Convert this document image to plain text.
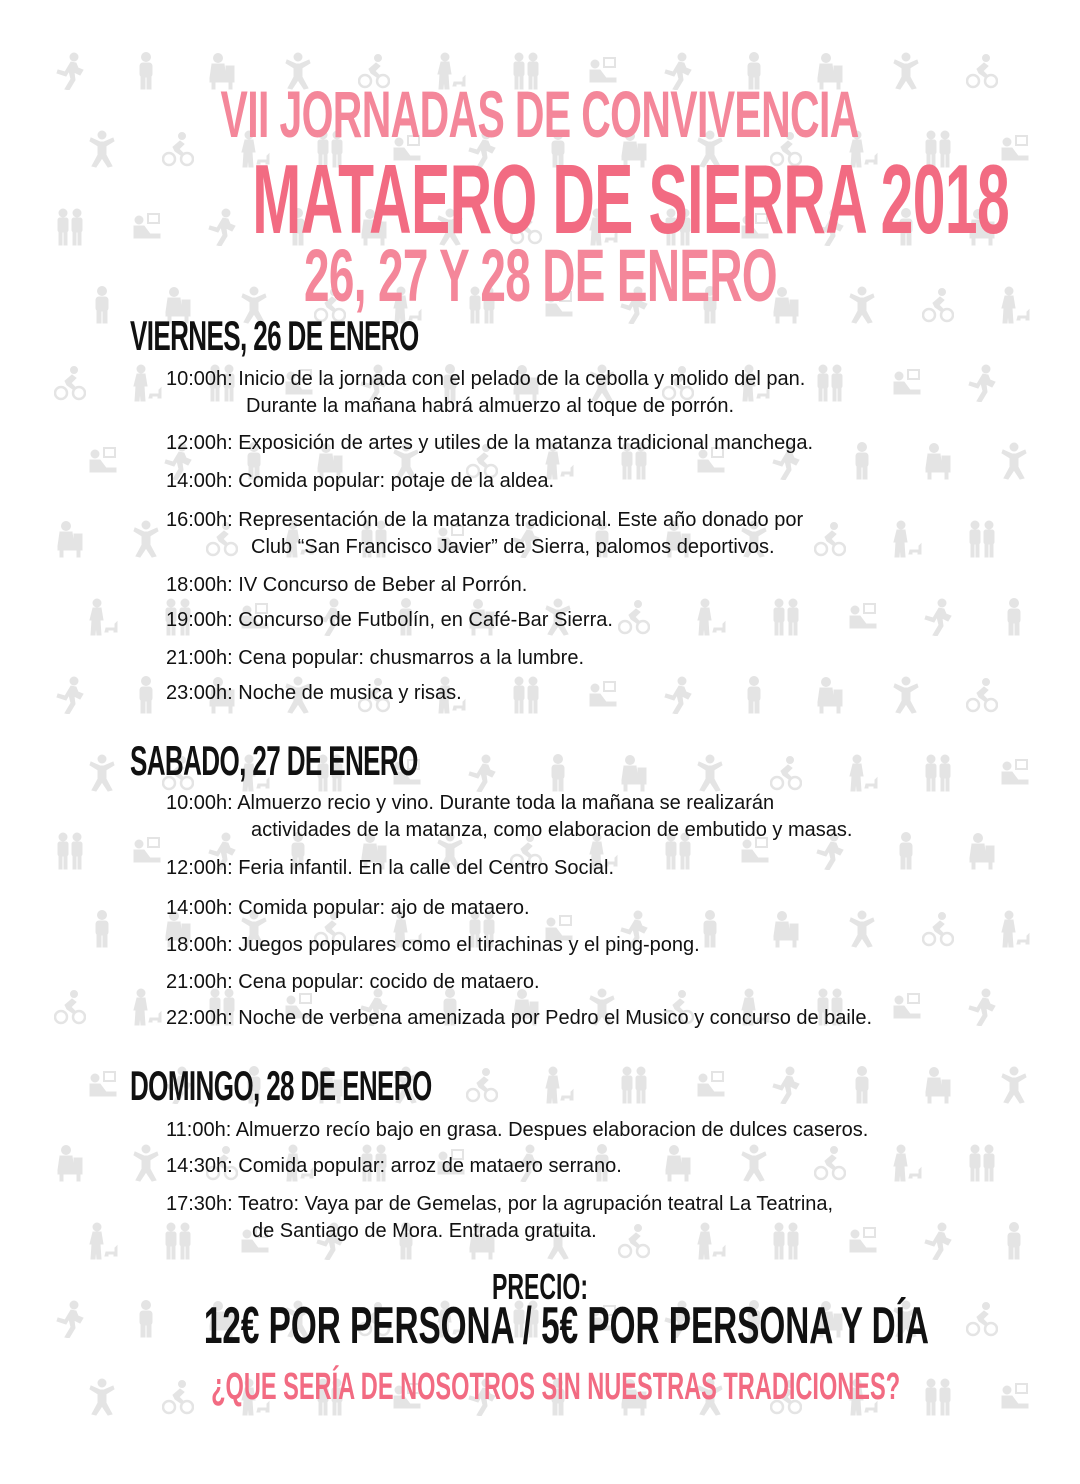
VII JORNADAS DE CONVIVENCIA
MATAERO DE SIERRA 2018
26, 27 Y 28 DE ENERO
VIERNES, 26 DE ENERO
10:00h: Inicio de la jornada con el pelado de la cebolla y molido del pan.
Durante la mañana habrá almuerzo al toque de porrón.
12:00h: Exposición de artes y utiles de la matanza tradicional manchega.
14:00h: Comida popular: potaje de la aldea.
16:00h: Representación de la matanza tradicional. Este año donado por
Club “San Francisco Javier” de Sierra, palomos deportivos.
18:00h: IV Concurso de Beber al Porrón.
19:00h: Concurso de Futbolín, en Café-Bar Sierra.
21:00h: Cena popular: chusmarros a la lumbre.
23:00h: Noche de musica y risas.
SABADO, 27 DE ENERO
10:00h: Almuerzo recio y vino. Durante toda la mañana se realizarán
actividades de la matanza, como elaboracion de embutido y masas.
12:00h: Feria infantil. En la calle del Centro Social.
14:00h: Comida popular: ajo de mataero.
18:00h: Juegos populares como el tirachinas y el ping-pong.
21:00h: Cena popular: cocido de mataero.
22:00h: Noche de verbena amenizada por Pedro el Musico y concurso de baile.
DOMINGO, 28 DE ENERO
11:00h: Almuerzo recío bajo en grasa. Despues elaboracion de dulces caseros.
14:30h: Comida popular: arroz de mataero serrano.
17:30h: Teatro: Vaya par de Gemelas, por la agrupación teatral La Teatrina,
de Santiago de Mora. Entrada gratuita.
PRECIO:
12€ POR PERSONA / 5€ POR PERSONA Y DÍA
¿QUE SERÍA DE NOSOTROS SIN NUESTRAS TRADICIONES?
